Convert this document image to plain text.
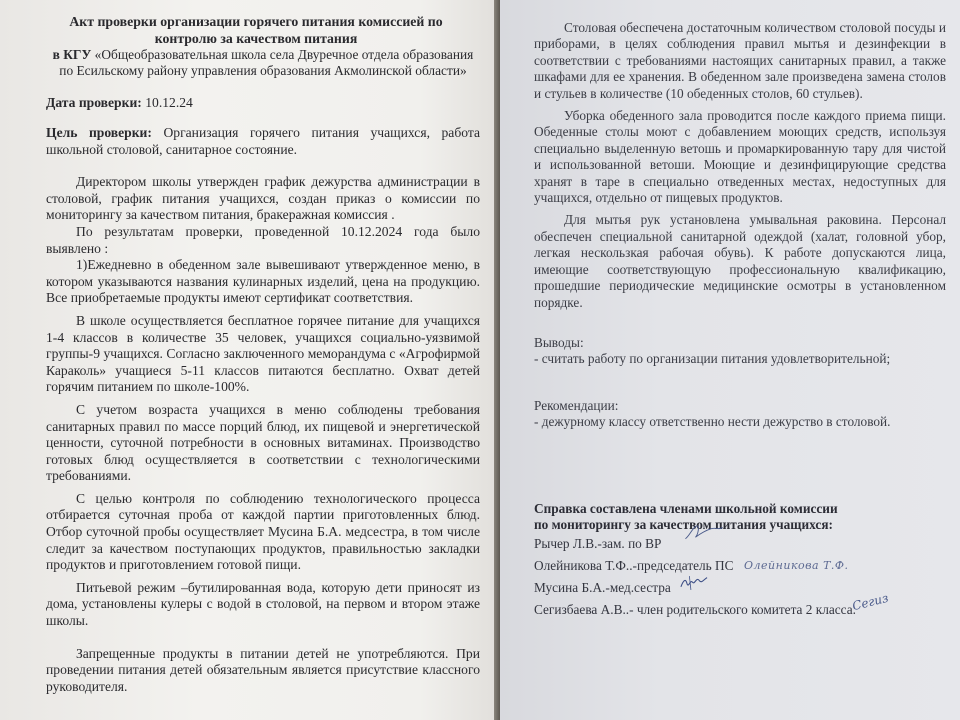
Акт проверки организации горячего питания комиссией по контролю за качеством питания

в КГУ «Общеобразовательная школа села Двуречное отдела образования по Есильскому району управления образования Акмолинской области»

Дата проверки: 10.12.24

Цель проверки: Организация горячего питания учащихся, работа школьной столовой, санитарное состояние.

Директором школы утвержден график дежурства администрации в столовой, график питания учащихся, создан приказ о комиссии по мониторингу за качеством питания, бракеражная комиссия .

По результатам проверки, проведенной 10.12.2024 года было выявлено :

1)Ежедневно в обеденном зале вывешивают утвержденное меню, в котором указываются названия кулинарных изделий, цена на продукцию. Все приобретаемые продукты имеют сертификат соответствия.

В школе осуществляется бесплатное горячее питание для учащихся 1-4 классов в количестве 35 человек, учащихся социально-уязвимой группы-9 учащихся. Согласно заключенного меморандума с «Агрофирмой Караколь» учащиеся 5-11 классов питаются бесплатно. Охват детей горячим питанием по школе-100%.

С учетом возраста учащихся в меню соблюдены требования санитарных правил по массе порций блюд, их пищевой и энергетической ценности, суточной потребности в основных витаминах. Производство готовых блюд осуществляется в соответствии с технологическими требованиями.

С целью контроля по соблюдению технологического процесса отбирается суточная проба от каждой партии приготовленных блюд. Отбор суточной пробы осуществляет Мусина Б.А. медсестра, в том числе следит за качеством поступающих продуктов, правильностью закладки продуктов и приготовлением готовой пищи.

Питьевой режим –бутилированная вода, которую дети приносят из дома, установлены кулеры с водой в столовой, на первом и втором этаже школы.

Запрещенные продукты в питании детей не употребляются. При проведении питания детей обязательным является присутствие классного руководителя.

Столовая обеспечена достаточным количеством столовой посуды и приборами, в целях соблюдения правил мытья и дезинфекции в соответствии с требованиями настоящих санитарных правил, а также шкафами для ее хранения. В обеденном зале произведена замена столов и стульев в количестве (10 обеденных столов, 60 стульев).

Уборка обеденного зала проводится после каждого приема пищи. Обеденные столы моют с добавлением моющих средств, используя специально выделенную ветошь и промаркированную тару для чистой и использованной ветоши. Моющие и дезинфицирующие средства хранят в таре в специально отведенных местах, недоступных для учащихся, отдельно от пищевых продуктов.

Для мытья рук установлена умывальная раковина. Персонал обеспечен специальной санитарной одеждой (халат, головной убор, легкая нескользкая рабочая обувь). К работе допускаются лица, имеющие соответствующую профессиональную квалификацию, прошедшие периодические медицинские осмотры в установленном порядке.

Выводы:

- считать работу по организации питания удовлетворительной;

Рекомендации:

- дежурному классу ответственно нести дежурство в столовой.

Справка составлена членами школьной комиссии

по мониторингу за качеством питания учащихся:

Рычер Л.В.-зам. по ВР
Олейникова Т.Ф..-председатель ПС Олейникова Т.Ф.
Мусина Б.А.-мед.сестра
Сегизбаева А.В..- член родительского комитета 2 класса.
Сегиз
